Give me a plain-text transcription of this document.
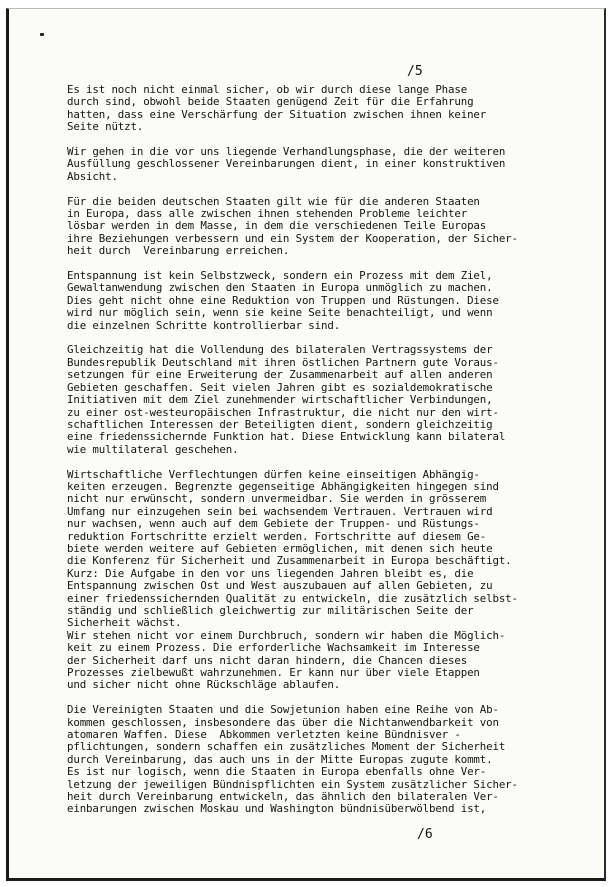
/5
Es ist noch nicht einmal sicher, ob wir durch diese lange Phase
durch sind, obwohl beide Staaten genügend Zeit für die Erfahrung
hatten, dass eine Verschärfung der Situation zwischen ihnen keiner
Seite nützt.
Wir gehen in die vor uns liegende Verhandlungsphase, die der weiteren
Ausfüllung geschlossener Vereinbarungen dient, in einer konstruktiven
Absicht.
Für die beiden deutschen Staaten gilt wie für die anderen Staaten
in Europa, dass alle zwischen ihnen stehenden Probleme leichter
lösbar werden in dem Masse, in dem die verschiedenen Teile Europas
ihre Beziehungen verbessern und ein System der Kooperation, der Sicher-
heit durch  Vereinbarung erreichen.
Entspannung ist kein Selbstzweck, sondern ein Prozess mit dem Ziel,
Gewaltanwendung zwischen den Staaten in Europa unmöglich zu machen.
Dies geht nicht ohne eine Reduktion von Truppen und Rüstungen. Diese
wird nur möglich sein, wenn sie keine Seite benachteiligt, und wenn
die einzelnen Schritte kontrollierbar sind.
Gleichzeitig hat die Vollendung des bilateralen Vertragssystems der
Bundesrepublik Deutschland mit ihren östlichen Partnern gute Voraus-
setzungen für eine Erweiterung der Zusammenarbeit auf allen anderen
Gebieten geschaffen. Seit vielen Jahren gibt es sozialdemokratische
Initiativen mit dem Ziel zunehmender wirtschaftlicher Verbindungen,
zu einer ost-westeuropäischen Infrastruktur, die nicht nur den wirt-
schaftlichen Interessen der Beteiligten dient, sondern gleichzeitig
eine friedenssichernde Funktion hat. Diese Entwicklung kann bilateral
wie multilateral geschehen.
Wirtschaftliche Verflechtungen dürfen keine einseitigen Abhängig-
keiten erzeugen. Begrenzte gegenseitige Abhängigkeiten hingegen sind
nicht nur erwünscht, sondern unvermeidbar. Sie werden in grösserem
Umfang nur einzugehen sein bei wachsendem Vertrauen. Vertrauen wird
nur wachsen, wenn auch auf dem Gebiete der Truppen- und Rüstungs-
reduktion Fortschritte erzielt werden. Fortschritte auf diesem Ge-
biete werden weitere auf Gebieten ermöglichen, mit denen sich heute
die Konferenz für Sicherheit und Zusammenarbeit in Europa beschäftigt.
Kurz: Die Aufgabe in den vor uns liegenden Jahren bleibt es, die
Entspannung zwischen Ost und West auszubauen auf allen Gebieten, zu
einer friedenssichernden Qualität zu entwickeln, die zusätzlich selbst-
ständig und schließlich gleichwertig zur militärischen Seite der
Sicherheit wächst.
Wir stehen nicht vor einem Durchbruch, sondern wir haben die Möglich-
keit zu einem Prozess. Die erforderliche Wachsamkeit im Interesse
der Sicherheit darf uns nicht daran hindern, die Chancen dieses
Prozesses zielbewußt wahrzunehmen. Er kann nur über viele Etappen
und sicher nicht ohne Rückschläge ablaufen.
Die Vereinigten Staaten und die Sowjetunion haben eine Reihe von Ab-
kommen geschlossen, insbesondere das über die Nichtanwendbarkeit von
atomaren Waffen. Diese  Abkommen verletzten keine Bündnisver -
pflichtungen, sondern schaffen ein zusätzliches Moment der Sicherheit
durch Vereinbarung, das auch uns in der Mitte Europas zugute kommt.
Es ist nur logisch, wenn die Staaten in Europa ebenfalls ohne Ver-
letzung der jeweiligen Bündnispflichten ein System zusätzlicher Sicher-
heit durch Vereinbarung entwickeln, das ähnlich den bilateralen Ver-
einbarungen zwischen Moskau und Washington bündnisüberwölbend ist,
/6
